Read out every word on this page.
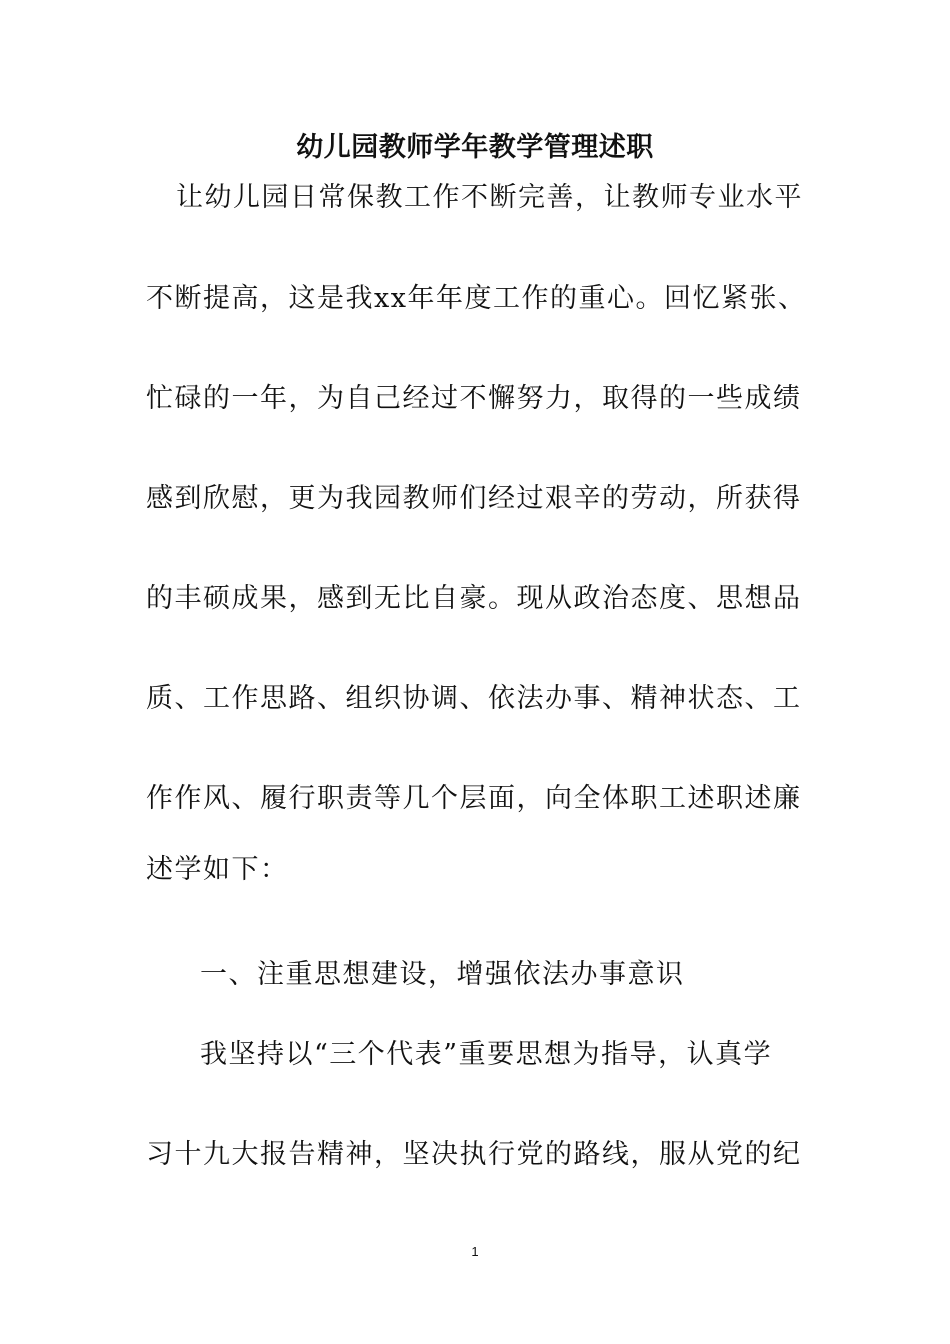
幼儿园教师学年教学管理述职
让幼儿园日常保教工作不断完善，让教师专业水平
不断提高，这是我xx年年度工作的重心。回忆紧张、
忙碌的一年，为自己经过不懈努力，取得的一些成绩
感到欣慰，更为我园教师们经过艰辛的劳动，所获得
的丰硕成果，感到无比自豪。现从政治态度、思想品
质、工作思路、组织协调、依法办事、精神状态、工
作作风、履行职责等几个层面，向全体职工述职述廉
述学如下：
一、注重思想建设，增强依法办事意识
我坚持以“三个代表”重要思想为指导，认真学
习十九大报告精神，坚决执行党的路线，服从党的纪
1
